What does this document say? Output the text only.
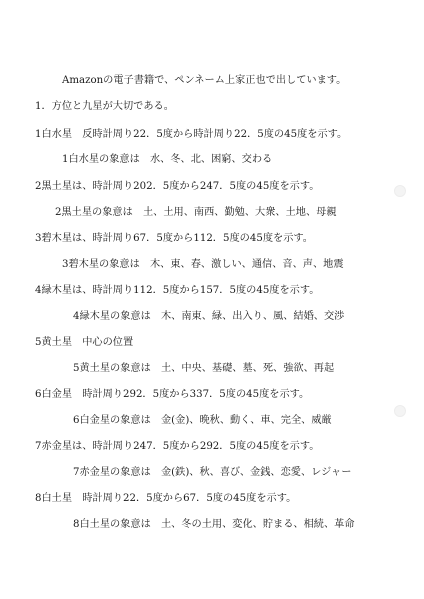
Amazonの電子書籍で、ペンネーム上家正也で出しています。
1．方位と九星が大切である。
1白水星　反時計周り22．5度から時計周り22．5度の45度を示す。
1白水星の象意は　水、冬、北、困窮、交わる
2黒土星は、時計周り202．5度から247．5度の45度を示す。
2黒土星の象意は　土、土用、南西、勤勉、大衆、土地、母親
3碧木星は、時計周り67．5度から112．5度の45度を示す。
3碧木星の象意は　木、東、春、激しい、通信、音、声、地震
4緑木星は、時計周り112．5度から157．5度の45度を示す。
4緑木星の象意は　木、南東、緑、出入り、風、結婚、交渉
5黄土星　中心の位置
5黄土星の象意は　土、中央、基礎、墓、死、強欲、再起
6白金星　時計周り292．5度から337．5度の45度を示す。
6白金星の象意は　金(金)、晩秋、動く、車、完全、威厳
7赤金星は、時計周り247．5度から292．5度の45度を示す。
7赤金星の象意は　金(鉄)、秋、喜び、金銭、恋愛、レジャー
8白土星　時計周り22．5度から67．5度の45度を示す。
8白土星の象意は　土、冬の土用、変化、貯まる、相続、革命
